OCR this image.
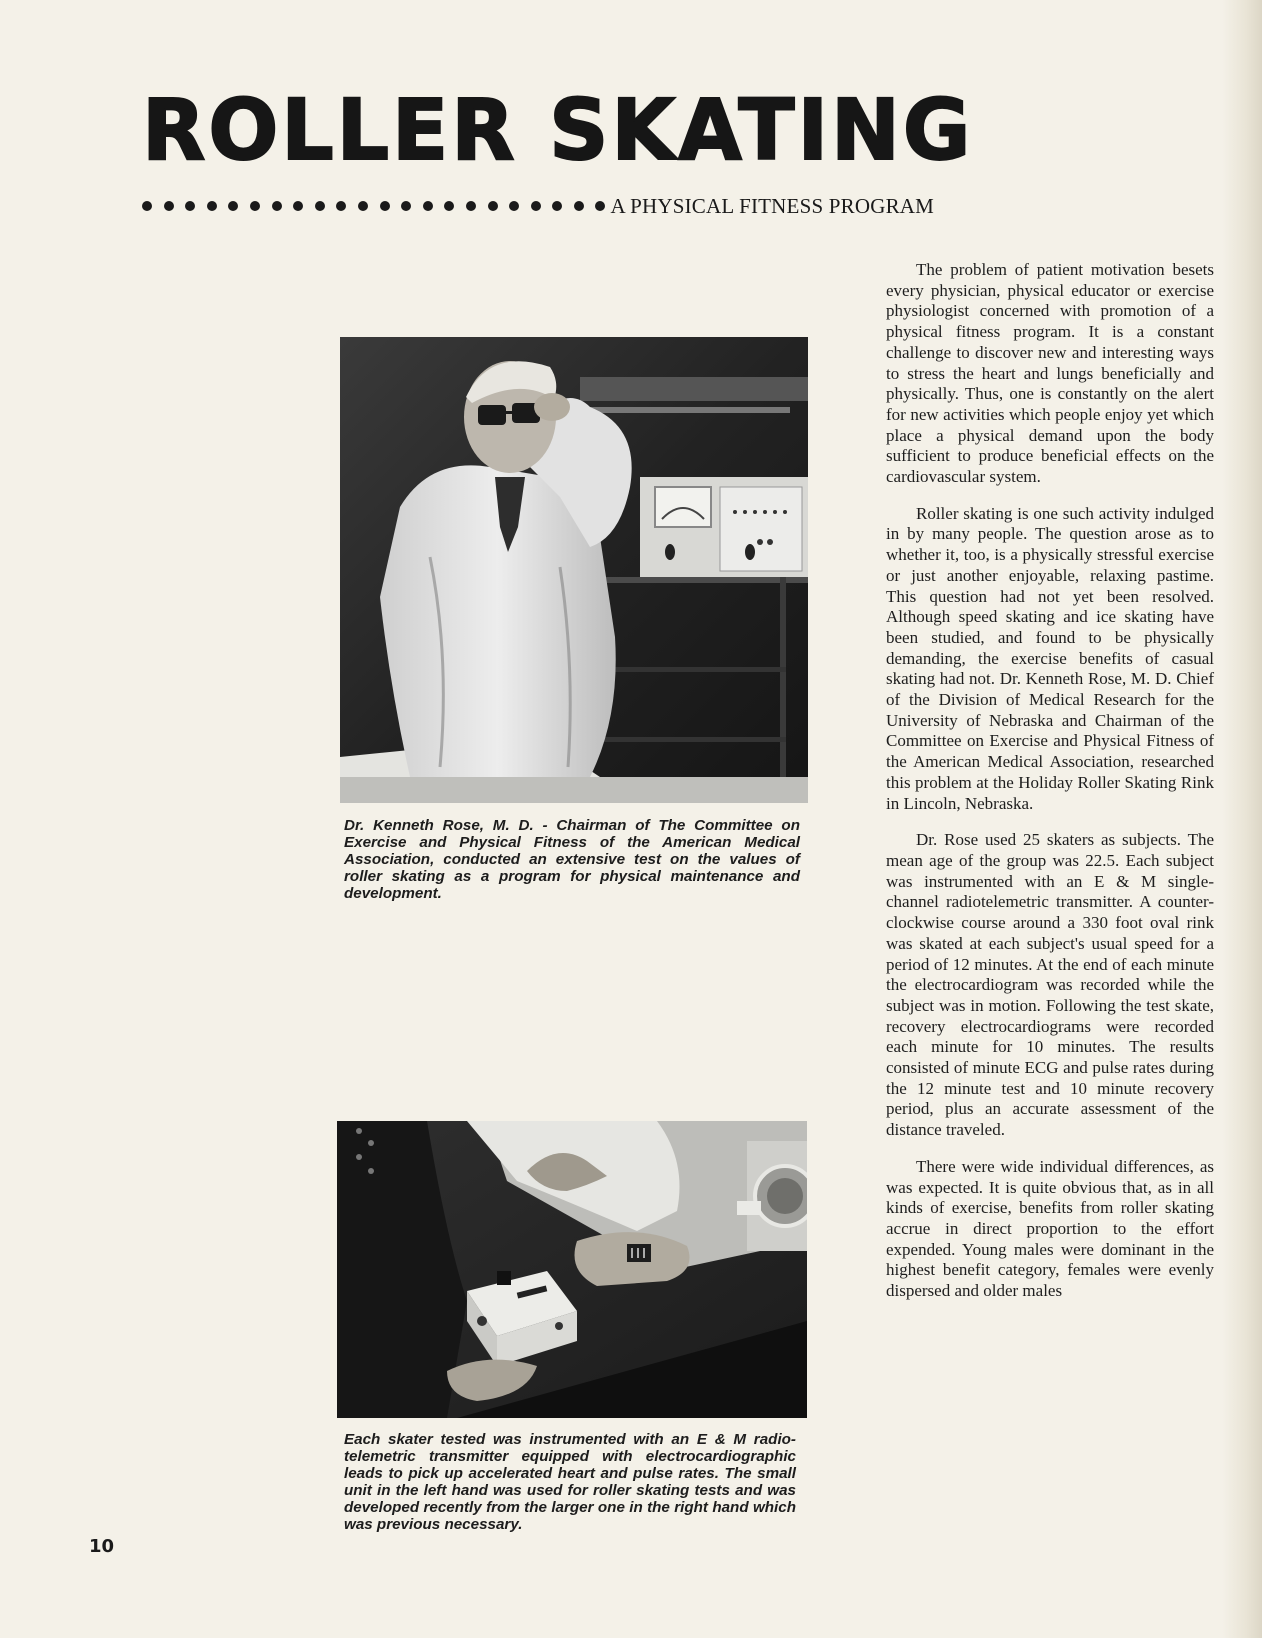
ROLLER SKATING
A PHYSICAL FITNESS PROGRAM

Dr. Kenneth Rose, M. D. - Chairman of The Committee on Exercise and Physical Fitness of the American Medical Association, conducted an extensive test on the values of roller skating as a program for physical maintenance and development.

Each skater tested was instrumented with an E & M radio-telemetric transmitter equipped with electrocardiographic leads to pick up accelerated heart and pulse rates. The small unit in the left hand was used for roller skating tests and was developed recently from the larger one in the right hand which was previous necessary.

The problem of patient motivation besets every physician, physical educator or exercise physiologist concerned with promotion of a physical fitness program. It is a constant challenge to discover new and interesting ways to stress the heart and lungs beneficially and physically. Thus, one is constantly on the alert for new activities which people enjoy yet which place a physical demand upon the body sufficient to produce beneficial effects on the cardiovascular system.

Roller skating is one such activity indulged in by many people. The question arose as to whether it, too, is a physically stressful exercise or just another enjoyable, relaxing pastime. This question had not yet been resolved. Although speed skating and ice skating have been studied, and found to be physically demanding, the exercise benefits of casual skating had not. Dr. Kenneth Rose, M. D. Chief of the Division of Medical Research for the University of Nebraska and Chairman of the Committee on Exercise and Physical Fitness of the American Medical Association, researched this problem at the Holiday Roller Skating Rink in Lincoln, Nebraska.

Dr. Rose used 25 skaters as subjects. The mean age of the group was 22.5. Each subject was instrumented with an E & M single-channel radiotelemetric transmitter. A counter-clockwise course around a 330 foot oval rink was skated at each subject's usual speed for a period of 12 minutes. At the end of each minute the electrocardiogram was recorded while the subject was in motion. Following the test skate, recovery electrocardiograms were recorded each minute for 10 minutes. The results consisted of minute ECG and pulse rates during the 12 minute test and 10 minute recovery period, plus an accurate assessment of the distance traveled.

There were wide individual differences, as was expected. It is quite obvious that, as in all kinds of exercise, benefits from roller skating accrue in direct proportion to the effort expended. Young males were dominant in the highest benefit category, females were evenly dispersed and older males

10
